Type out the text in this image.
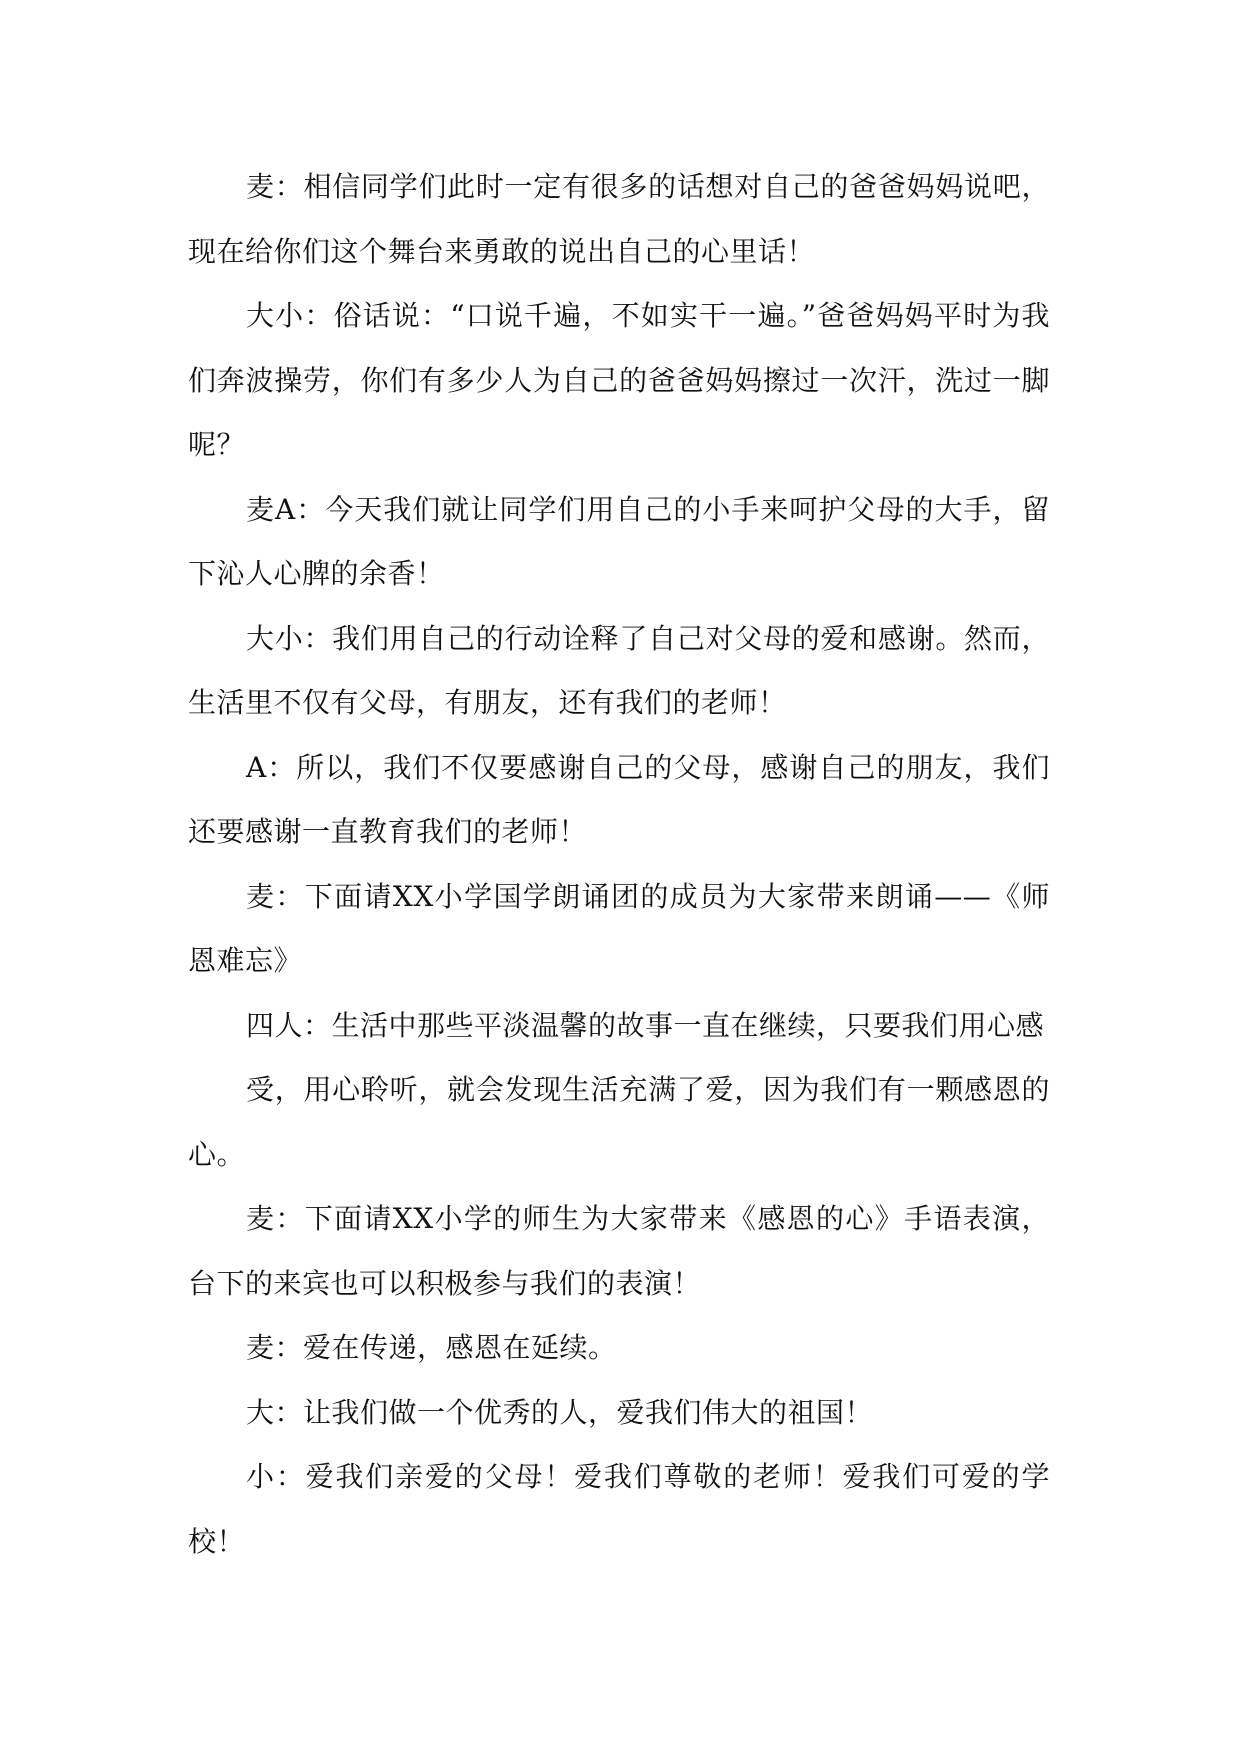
麦：相信同学们此时一定有很多的话想对自己的爸爸妈妈说吧，现在给你们这个舞台来勇敢的说出自己的心里话！

大小：俗话说：“口说千遍，不如实干一遍。”爸爸妈妈平时为我们奔波操劳，你们有多少人为自己的爸爸妈妈擦过一次汗，洗过一脚呢？

麦A：今天我们就让同学们用自己的小手来呵护父母的大手，留下沁人心脾的余香！

大小：我们用自己的行动诠释了自己对父母的爱和感谢。然而，生活里不仅有父母，有朋友，还有我们的老师！

A：所以，我们不仅要感谢自己的父母，感谢自己的朋友，我们还要感谢一直教育我们的老师！

麦：下面请XX小学国学朗诵团的成员为大家带来朗诵——《师恩难忘》

四人：生活中那些平淡温馨的故事一直在继续，只要我们用心感

受，用心聆听，就会发现生活充满了爱，因为我们有一颗感恩的心。

麦：下面请XX小学的师生为大家带来《感恩的心》手语表演，台下的来宾也可以积极参与我们的表演！

麦：爱在传递，感恩在延续。

大：让我们做一个优秀的人，爱我们伟大的祖国！

小：爱我们亲爱的父母！爱我们尊敬的老师！爱我们可爱的学校！
